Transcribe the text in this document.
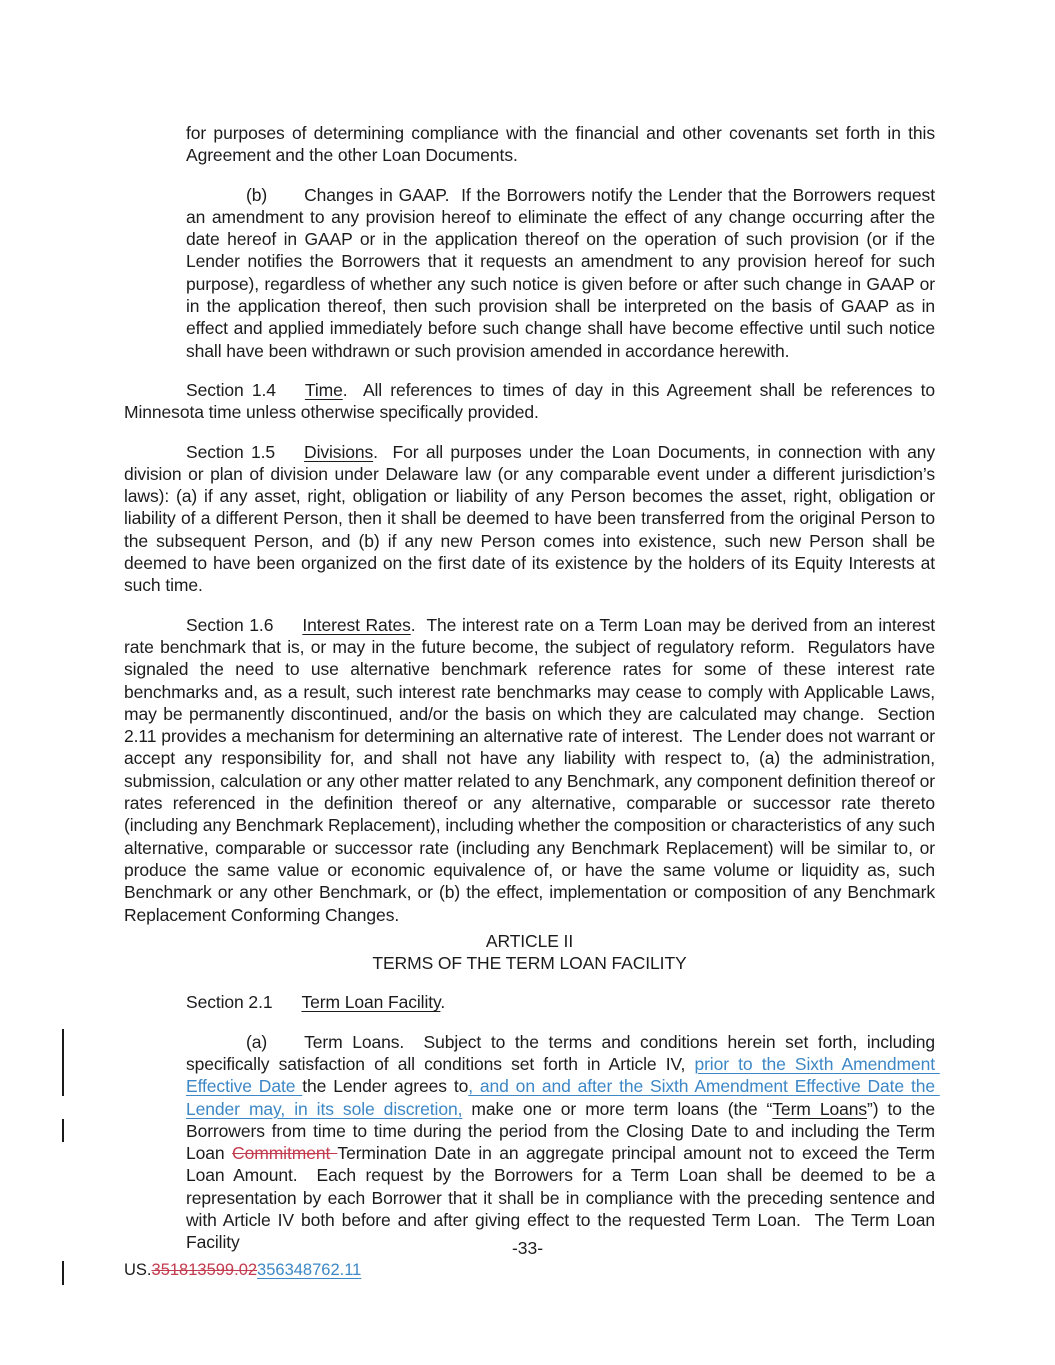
for purposes of determining compliance with the financial and other covenants set forth in this Agreement and the other Loan Documents.

(b) Changes in GAAP.  If the Borrowers notify the Lender that the Borrowers request an amendment to any provision hereof to eliminate the effect of any change occurring after the date hereof in GAAP or in the application thereof on the operation of such provision (or if the Lender notifies the Borrowers that it requests an amendment to any provision hereof for such purpose), regardless of whether any such notice is given before or after such change in GAAP or in the application thereof, then such provision shall be interpreted on the basis of GAAP as in effect and applied immediately before such change shall have become effective until such notice shall have been withdrawn or such provision amended in accordance herewith.

Section 1.4 Time.  All references to times of day in this Agreement shall be references to Minnesota time unless otherwise specifically provided.

Section 1.5 Divisions.  For all purposes under the Loan Documents, in connection with any division or plan of division under Delaware law (or any comparable event under a different jurisdiction’s laws): (a) if any asset, right, obligation or liability of any Person becomes the asset, right, obligation or liability of a different Person, then it shall be deemed to have been transferred from the original Person to the subsequent Person, and (b) if any new Person comes into existence, such new Person shall be deemed to have been organized on the first date of its existence by the holders of its Equity Interests at such time.

Section 1.6 Interest Rates.  The interest rate on a Term Loan may be derived from an interest rate benchmark that is, or may in the future become, the subject of regulatory reform.  Regulators have signaled the need to use alternative benchmark reference rates for some of these interest rate benchmarks and, as a result, such interest rate benchmarks may cease to comply with Applicable Laws, may be permanently discontinued, and/or the basis on which they are calculated may change.  Section 2.11 provides a mechanism for determining an alternative rate of interest.  The Lender does not warrant or accept any responsibility for, and shall not have any liability with respect to, (a) the administration, submission, calculation or any other matter related to any Benchmark, any component definition thereof or rates referenced in the definition thereof or any alternative, comparable or successor rate thereto (including any Benchmark Replacement), including whether the composition or characteristics of any such alternative, comparable or successor rate (including any Benchmark Replacement) will be similar to, or produce the same value or economic equivalence of, or have the same volume or liquidity as, such Benchmark or any other Benchmark, or (b) the effect, implementation or composition of any Benchmark Replacement Conforming Changes.

ARTICLE II
TERMS OF THE TERM LOAN FACILITY

Section 2.1 Term Loan Facility.

(a) Term Loans.  Subject to the terms and conditions herein set forth, including specifically satisfaction of all conditions set forth in Article IV, prior to the Sixth Amendment Effective Date the Lender agrees to, and on and after the Sixth Amendment Effective Date the Lender may, in its sole discretion, make one or more term loans (the “Term Loans”) to the Borrowers from time to time during the period from the Closing Date to and including the Term Loan Commitment Termination Date in an aggregate principal amount not to exceed the Term Loan Amount.  Each request by the Borrowers for a Term Loan shall be deemed to be a representation by each Borrower that it shall be in compliance with the preceding sentence and with Article IV both before and after giving effect to the requested Term Loan.  The Term Loan Facility	-33-
US.351813599.02356348762.11
